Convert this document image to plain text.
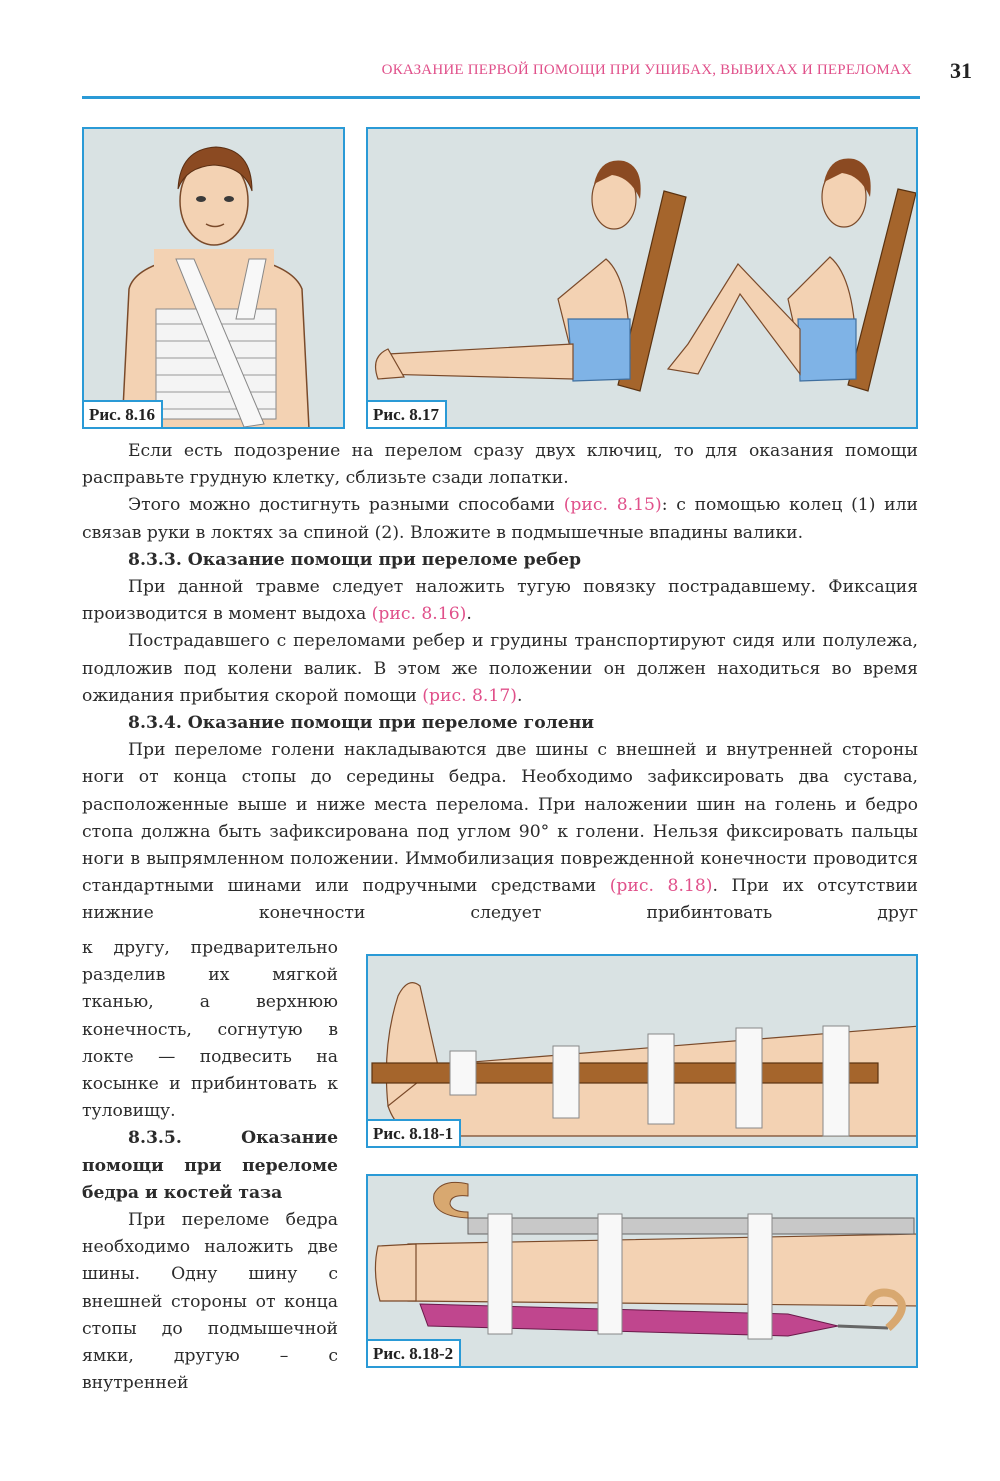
ОКАЗАНИЕ ПЕРВОЙ ПОМОЩИ ПРИ УШИБАХ, ВЫВИХАХ И ПЕРЕЛОМАХ 31
Рис. 8.16	Рис. 8.17

Если есть подозрение на перелом сразу двух ключиц, то для оказания помощи расправьте грудную клетку, сблизьте сзади лопатки.

Этого можно достигнуть разными способами (рис. 8.15): с помощью колец (1) или связав руки в локтях за спиной (2). Вложите в подмышечные впадины валики.

8.3.3. Оказание помощи при переломе ребер

При данной травме следует наложить тугую повязку пострадавшему. Фиксация производится в момент выдоха (рис. 8.16).

Пострадавшего с переломами ребер и грудины транспортируют сидя или полулежа, подложив под колени валик. В этом же положении он должен находиться во время ожидания прибытия скорой помощи (рис. 8.17).

8.3.4. Оказание помощи при переломе голени

При переломе голени накладываются две шины с внешней и внутренней стороны ноги от конца стопы до середины бедра. Необходимо зафиксировать два сустава, расположенные выше и ниже места перелома. При наложении шин на голень и бедро стопа должна быть зафиксирована под углом 90° к голени. Нельзя фиксировать пальцы ноги в выпрямленном положении. Иммобилизация поврежденной конечности проводится стандартными шинами или подручными средствами (рис. 8.18). При их отсутствии нижние конечности следует прибинтовать друг

к другу, предварительно разделив их мягкой тканью, а верхнюю конечность, согнутую в локте — подвесить на косынке и прибинтовать к туловищу.

8.3.5. Оказание помощи при переломе бедра и костей таза

При переломе бедра необходимо наложить две шины. Одну шину с внешней стороны от конца стопы до подмышечной ямки, другую – с внутренней

Рис. 8.18-1
Рис. 8.18-2
